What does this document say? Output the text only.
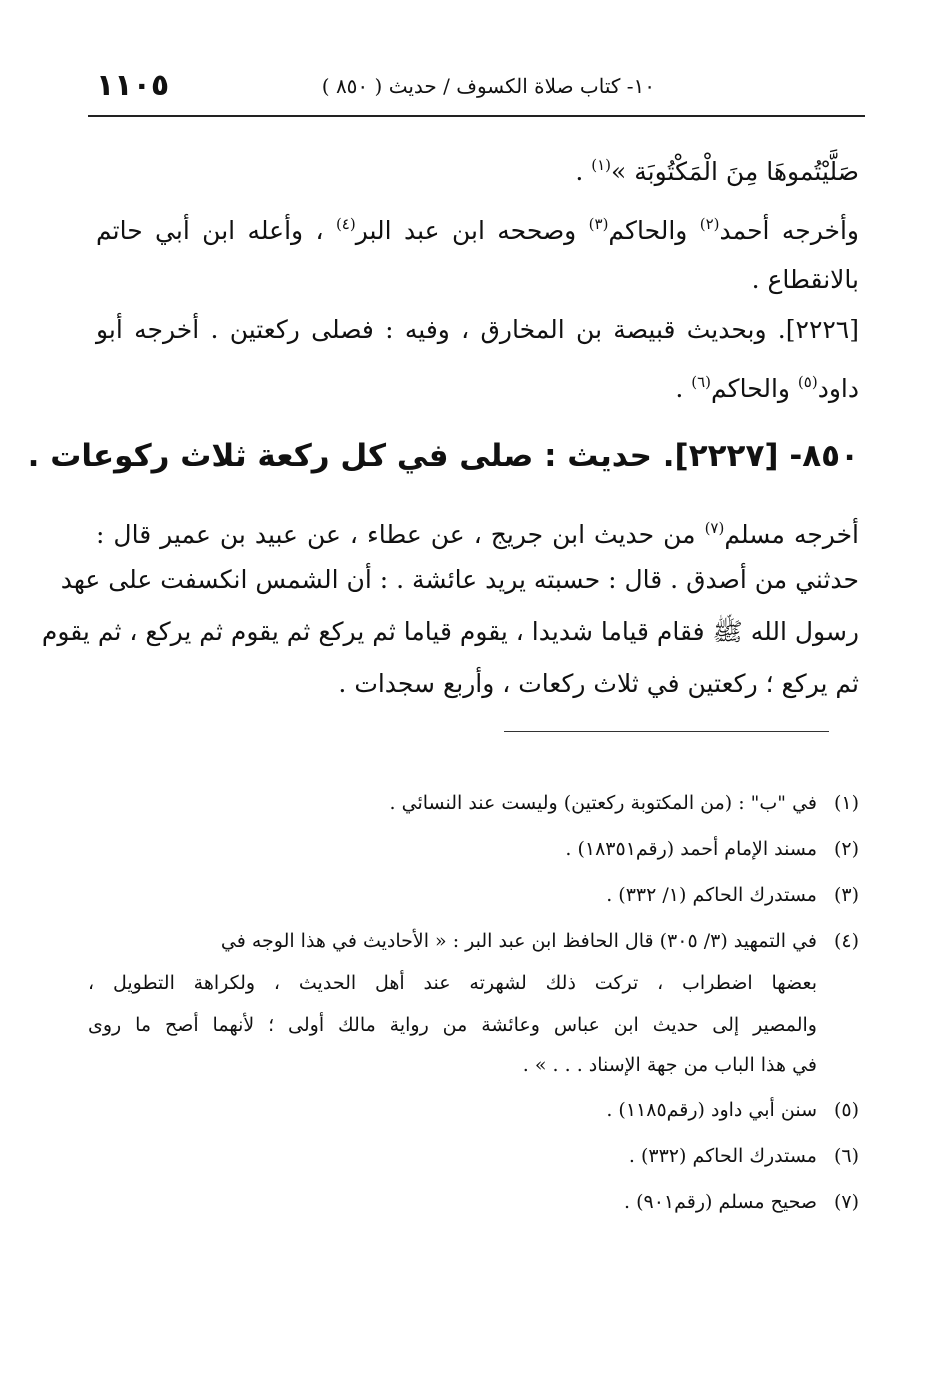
١١٠٥	١٠- كتاب صلاة الكسوف / حديث ( ٨٥٠ )
صَلَّيْتُموهَا مِنَ الْمَكْتُوبَة »$^{(١)}$ .
وأخرجه أحمد$^{(٢)}$ والحاكم$^{(٣)}$ وصححه ابن عبد البر$^{(٤)}$ ، وأعله ابن أبي حاتم
بالانقطاع .
[٢٢٢٦]. وبحديث قبيصة بن المخارق ، وفيه : فصلى ركعتين . أخرجه أبو
داود$^{(٥)}$ والحاكم$^{(٦)}$ .
٨٥٠- [٢٢٢٧]. حديث : صلى في كل ركعة ثلاث ركوعات .
أخرجه مسلم$^{(٧)}$ من حديث ابن جريج ، عن عطاء ، عن عبيد بن عمير قال :
حدثني من أصدق . قال : حسبته يريد عائشة . : أن الشمس انكسفت على عهد
رسول الله ﷺ فقام قياما شديدا ، يقوم قياما ثم يركع ثم يقوم ثم يركع ، ثم يقوم
ثم يركع ؛ ركعتين في ثلاث ركعات ، وأربع سجدات .
(١)في "ب" : (من المكتوبة ركعتين) وليست عند النسائي .
(٢)مسند الإمام أحمد (رقم١٨٣٥١) .
(٣)مستدرك الحاكم (١/ ٣٣٢) .
(٤)في التمهيد (٣/ ٣٠٥) قال الحافظ ابن عبد البر : « الأحاديث في هذا الوجه في
بعضها اضطراب ، تركت ذلك لشهرته عند أهل الحديث ، ولكراهة التطويل ،
والمصير إلى حديث ابن عباس وعائشة من رواية مالك أولى ؛ لأنهما أصح ما روى
في هذا الباب من جهة الإسناد . . . » .
(٥)سنن أبي داود (رقم١١٨٥) .
(٦)مستدرك الحاكم (٣٣٢) .
(٧)صحيح مسلم (رقم٩٠١) .
